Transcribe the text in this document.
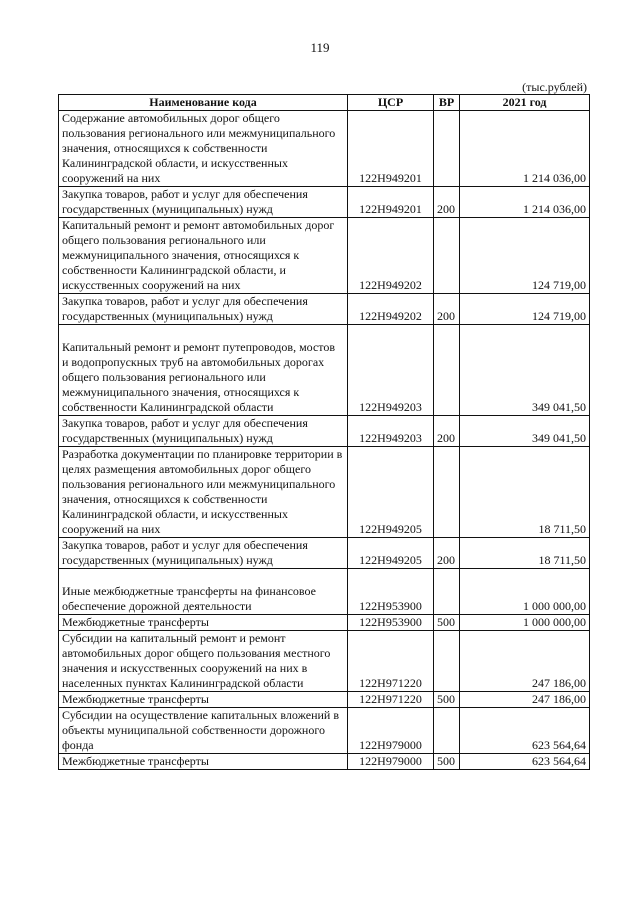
119
(тыс.рублей)
Наименование кода	ЦСР	ВР	2021 год
Содержание автомобильных дорог общего пользования регионального или межмуниципального значения, относящихся к собственности Калининградской области, и искусственных сооружений на них	122Н949201		1 214 036,00
Закупка товаров, работ и услуг для обеспечения государственных (муниципальных) нужд	122Н949201	200	1 214 036,00
Капитальный ремонт и ремонт автомобильных дорог общего пользования регионального или межмуниципального значения, относящихся к собственности Калининградской области, и искусственных сооружений на них	122Н949202		124 719,00
Закупка товаров, работ и услуг для обеспечения государственных (муниципальных) нужд	122Н949202	200	124 719,00

Капитальный ремонт и ремонт путепроводов, мостов и водопропускных труб на автомобильных дорогах общего пользования регионального или межмуниципального значения, относящихся к собственности Калининградской области	122Н949203		349 041,50
Закупка товаров, работ и услуг для обеспечения государственных (муниципальных) нужд	122Н949203	200	349 041,50
Разработка документации по планировке территории в целях размещения автомобильных дорог общего пользования регионального или межмуниципального значения, относящихся к собственности Калининградской области, и искусственных сооружений на них	122Н949205		18 711,50
Закупка товаров, работ и услуг для обеспечения государственных (муниципальных) нужд	122Н949205	200	18 711,50

Иные межбюджетные трансферты на финансовое обеспечение дорожной деятельности	122Н953900		1 000 000,00
Межбюджетные трансферты	122Н953900	500	1 000 000,00
Субсидии на капитальный ремонт и ремонт автомобильных дорог общего пользования местного значения и искусственных сооружений на них в населенных пунктах Калининградской области	122Н971220		247 186,00
Межбюджетные трансферты	122Н971220	500	247 186,00
Субсидии на осуществление капитальных вложений в объекты муниципальной собственности дорожного фонда	122Н979000		623 564,64
Межбюджетные трансферты	122Н979000	500	623 564,64
